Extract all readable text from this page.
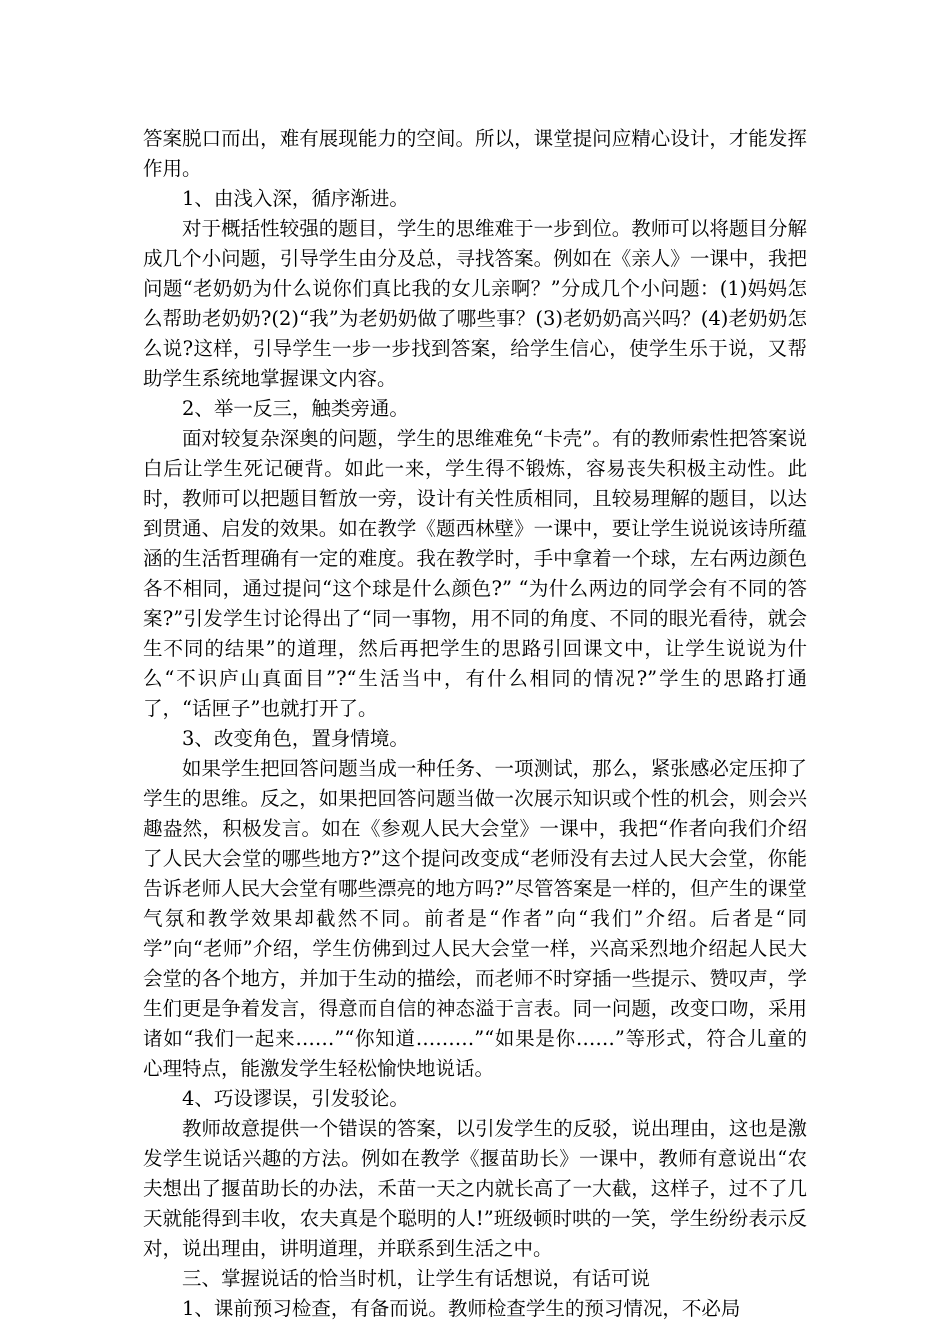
答案脱口而出，难有展现能力的空间。所以，课堂提问应精心设计，才能发挥作用。

1、由浅入深，循序渐进。

对于概括性较强的题目，学生的思维难于一步到位。教师可以将题目分解成几个小问题，引导学生由分及总，寻找答案。例如在《亲人》一课中，我把问题“老奶奶为什么说你们真比我的女儿亲啊？”分成几个小问题：(1)妈妈怎么帮助老奶奶?(2)“我”为老奶奶做了哪些事？(3)老奶奶高兴吗？(4)老奶奶怎么说?这样，引导学生一步一步找到答案，给学生信心，使学生乐于说，又帮助学生系统地掌握课文内容。

2、举一反三，触类旁通。

面对较复杂深奥的问题，学生的思维难免“卡壳”。有的教师索性把答案说白后让学生死记硬背。如此一来，学生得不锻炼，容易丧失积极主动性。此时，教师可以把题目暂放一旁，设计有关性质相同，且较易理解的题目，以达到贯通、启发的效果。如在教学《题西林壁》一课中，要让学生说说该诗所蕴涵的生活哲理确有一定的难度。我在教学时，手中拿着一个球，左右两边颜色各不相同，通过提问“这个球是什么颜色?” “为什么两边的同学会有不同的答案?”引发学生讨论得出了“同一事物，用不同的角度、不同的眼光看待，就会生不同的结果”的道理，然后再把学生的思路引回课文中，让学生说说为什么“不识庐山真面目”?“生活当中，有什么相同的情况?”学生的思路打通了，“话匣子”也就打开了。

3、改变角色，置身情境。

如果学生把回答问题当成一种任务、一项测试，那么，紧张感必定压抑了学生的思维。反之，如果把回答问题当做一次展示知识或个性的机会，则会兴趣盎然，积极发言。如在《参观人民大会堂》一课中，我把“作者向我们介绍了人民大会堂的哪些地方?”这个提问改变成“老师没有去过人民大会堂，你能告诉老师人民大会堂有哪些漂亮的地方吗?”尽管答案是一样的，但产生的课堂气氛和教学效果却截然不同。前者是“作者”向“我们”介绍。后者是“同学”向“老师”介绍，学生仿佛到过人民大会堂一样，兴高采烈地介绍起人民大会堂的各个地方，并加于生动的描绘，而老师不时穿插一些提示、赞叹声，学生们更是争着发言，得意而自信的神态溢于言表。同一问题，改变口吻，采用诸如“我们一起来……”“你知道………”“如果是你……”等形式，符合儿童的心理特点，能激发学生轻松愉快地说话。

4、巧设谬误，引发驳论。

教师故意提供一个错误的答案，以引发学生的反驳，说出理由，这也是激发学生说话兴趣的方法。例如在教学《揠苗助长》一课中，教师有意说出“农夫想出了揠苗助长的办法，禾苗一天之内就长高了一大截，这样子，过不了几天就能得到丰收，农夫真是个聪明的人!”班级顿时哄的一笑，学生纷纷表示反对，说出理由，讲明道理，并联系到生活之中。

三、掌握说话的恰当时机，让学生有话想说，有话可说

1、课前预习检查，有备而说。教师检查学生的预习情况，不必局
